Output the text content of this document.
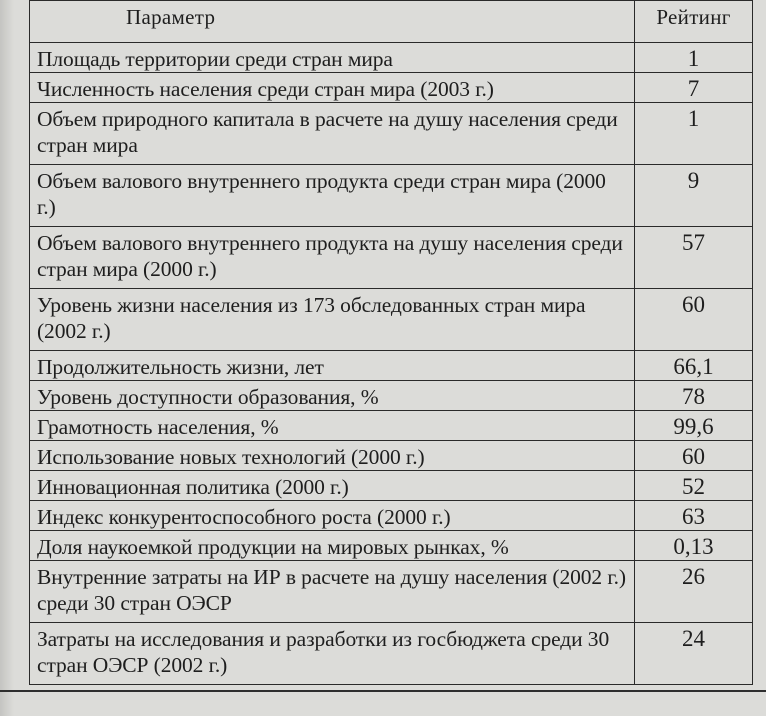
Параметр	Рейтинг
Площадь территории среди стран мира	1
Численность населения среди стран мира (2003 г.)	7
Объем природного капитала в расчете на душу населения среди стран мира	1
Объем валового внутреннего продукта среди стран мира (2000 г.)	9
Объем валового внутреннего продукта на душу населения среди стран мира (2000 г.)	57
Уровень жизни населения из 173 обследованных стран мира (2002 г.)	60
Продолжительность жизни, лет	66,1
Уровень доступности образования, %	78
Грамотность населения, %	99,6
Использование новых технологий (2000 г.)	60
Инновационная политика (2000 г.)	52
Индекс конкурентоспособного роста (2000 г.)	63
Доля наукоемкой продукции на мировых рынках, %	0,13
Внутренние затраты на ИР в расчете на душу населения (2002 г.) среди 30 стран ОЭСР	26
Затраты на исследования и разработки из госбюджета среди 30 стран ОЭСР (2002 г.)	24
